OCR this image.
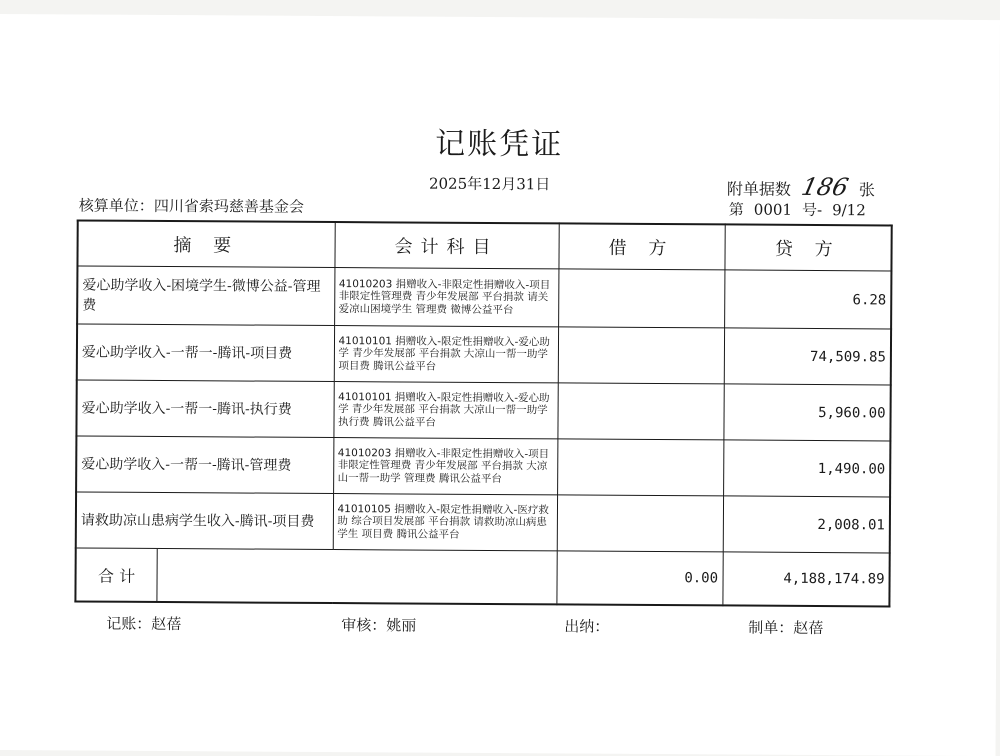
记账凭证
2025年12月31日	附单据数 186 张
核算单位：四川省索玛慈善基金会	第 0001 号- 9/12
摘 要	会计科目	借 方	贷 方
爱心助学收入-困境学生-微博公益-管理费	41010203 捐赠收入-非限定性捐赠收入-项目非限定性管理费 青少年发展部 平台捐款 请关爱凉山困境学生 管理费 微博公益平台		6.28
爱心助学收入-一帮一-腾讯-项目费	41010101 捐赠收入-限定性捐赠收入-爱心助学 青少年发展部 平台捐款 大凉山一帮一助学 项目费 腾讯公益平台		74,509.85
爱心助学收入-一帮一-腾讯-执行费	41010101 捐赠收入-限定性捐赠收入-爱心助学 青少年发展部 平台捐款 大凉山一帮一助学 执行费 腾讯公益平台		5,960.00
爱心助学收入-一帮一-腾讯-管理费	41010203 捐赠收入-非限定性捐赠收入-项目非限定性管理费 青少年发展部 平台捐款 大凉山一帮一助学 管理费 腾讯公益平台		1,490.00
请救助凉山患病学生收入-腾讯-项目费	41010105 捐赠收入-限定性捐赠收入-医疗救助 综合项目发展部 平台捐款 请救助凉山病患学生 项目费 腾讯公益平台		2,008.01

合 计		0.00	4,188,174.89
记账：赵蓓	审核：姚丽	出纳：	制单：赵蓓
